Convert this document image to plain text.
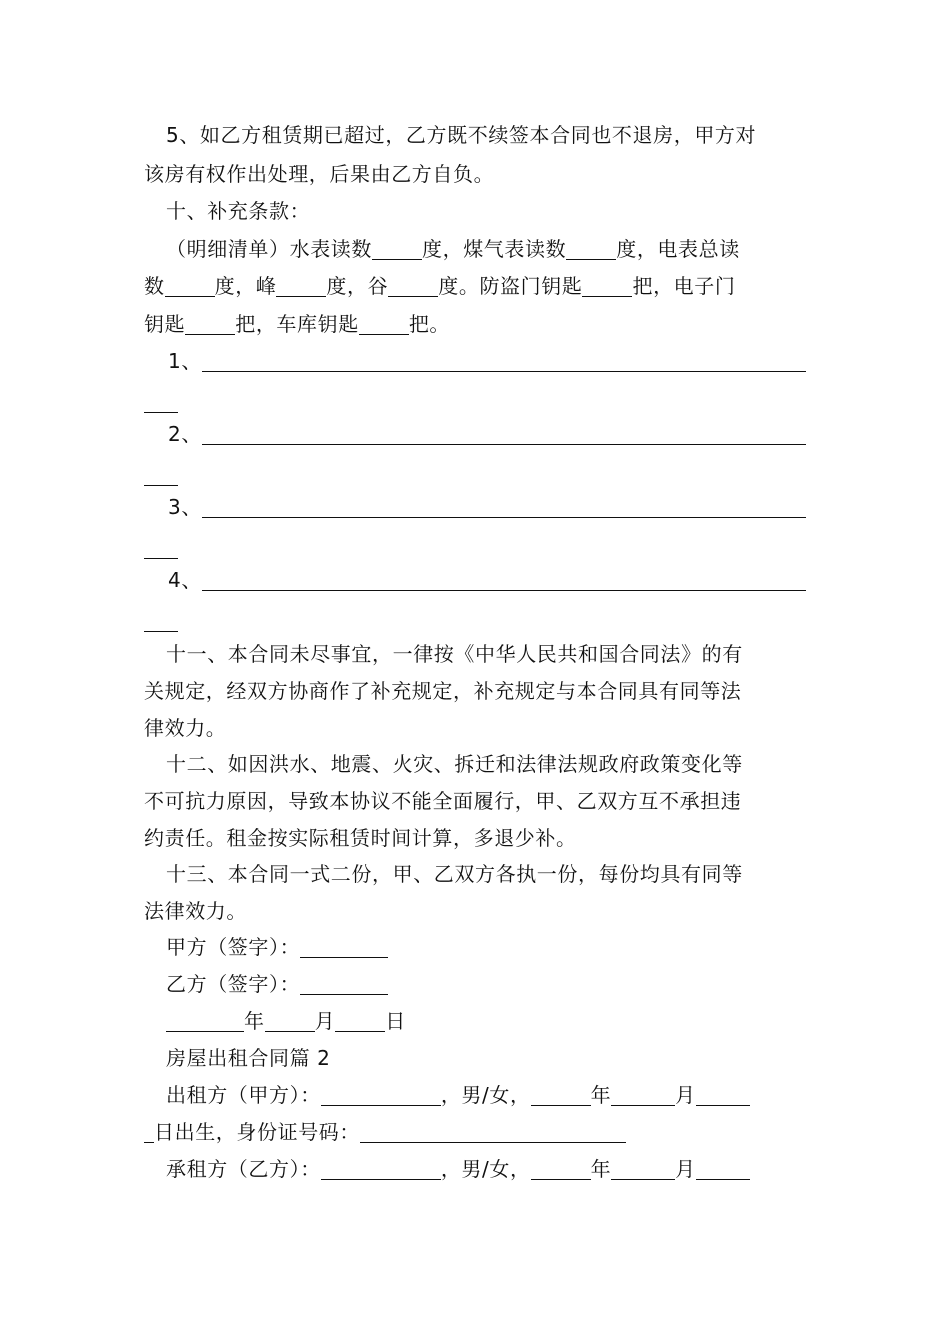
5、如乙方租赁期已超过，乙方既不续签本合同也不退房，甲方对
该房有权作出处理，后果由乙方自负。
十、补充条款：
（明细清单）水表读数	度，煤气表读数	度，电表总读
数	度，峰	度，谷	度。防盗门钥匙	把，电子门
钥匙	把，车库钥匙	把。
1、
2、
3、
4、
十一、本合同未尽事宜，一律按《中华人民共和国合同法》的有
关规定，经双方协商作了补充规定，补充规定与本合同具有同等法
律效力。
十二、如因洪水、地震、火灾、拆迁和法律法规政府政策变化等
不可抗力原因，导致本协议不能全面履行，甲、乙双方互不承担违
约责任。租金按实际租赁时间计算，多退少补。
十三、本合同一式二份，甲、乙双方各执一份，每份均具有同等
法律效力。
甲方（签字）：
乙方（签字）：
年	月	日
房屋出租合同篇 2
出租方（甲方）：	，男/女，	年	月
日出生，身份证号码：
承租方（乙方）：	，男/女，	年	月
